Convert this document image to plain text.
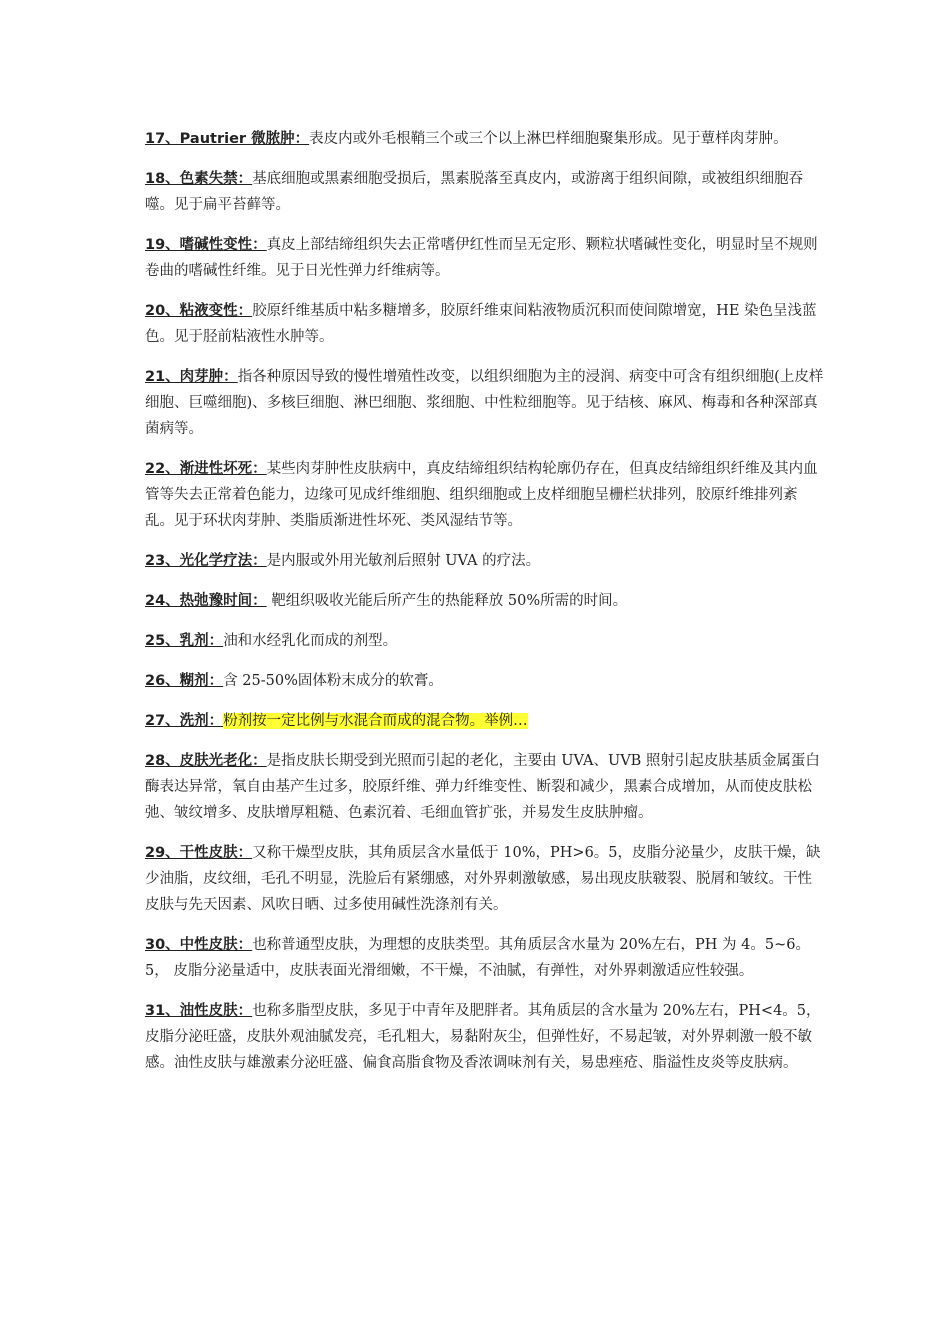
17、Pautrier 微脓肿：表皮内或外毛根鞘三个或三个以上淋巴样细胞聚集形成。见于蕈样肉芽肿。

18、色素失禁：基底细胞或黑素细胞受损后，黑素脱落至真皮内，或游离于组织间隙，或被组织细胞吞噬。见于扁平苔藓等。

19、嗜碱性变性：真皮上部结缔组织失去正常嗜伊红性而呈无定形、颗粒状嗜碱性变化，明显时呈不规则卷曲的嗜碱性纤维。见于日光性弹力纤维病等。

20、粘液变性：胶原纤维基质中粘多糖增多，胶原纤维束间粘液物质沉积而使间隙增宽，HE 染色呈浅蓝色。见于胫前粘液性水肿等。

21、肉芽肿：指各种原因导致的慢性增殖性改变，以组织细胞为主的浸润、病变中可含有组织细胞(上皮样细胞、巨噬细胞)、多核巨细胞、淋巴细胞、浆细胞、中性粒细胞等。见于结核、麻风、梅毒和各种深部真菌病等。

22、渐进性坏死：某些肉芽肿性皮肤病中，真皮结缔组织结构轮廓仍存在，但真皮结缔组织纤维及其内血管等失去正常着色能力，边缘可见成纤维细胞、组织细胞或上皮样细胞呈栅栏状排列，胶原纤维排列紊乱。见于环状肉芽肿、类脂质渐进性坏死、类风湿结节等。

23、光化学疗法：是内服或外用光敏剂后照射 UVA 的疗法。

24、热弛豫时间： 靶组织吸收光能后所产生的热能释放 50%所需的时间。

25、乳剂：油和水经乳化而成的剂型。

26、糊剂：含 25-50%固体粉末成分的软膏。

27、洗剂：粉剂按一定比例与水混合而成的混合物。举例…

28、皮肤光老化：是指皮肤长期受到光照而引起的老化，主要由 UVA、UVB 照射引起皮肤基质金属蛋白酶表达异常，氧自由基产生过多，胶原纤维、弹力纤维变性、断裂和减少，黑素合成增加，从而使皮肤松弛、皱纹增多、皮肤增厚粗糙、色素沉着、毛细血管扩张，并易发生皮肤肿瘤。

29、干性皮肤：又称干燥型皮肤，其角质层含水量低于 10%，PH>6。5，皮脂分泌量少，皮肤干燥，缺少油脂，皮纹细，毛孔不明显，洗脸后有紧绷感，对外界刺激敏感，易出现皮肤皲裂、脱屑和皱纹。干性皮肤与先天因素、风吹日晒、过多使用碱性洗涤剂有关。

30、中性皮肤：也称普通型皮肤，为理想的皮肤类型。其角质层含水量为 20%左右，PH 为 4。5~6。5， 皮脂分泌量适中，皮肤表面光滑细嫩，不干燥，不油腻，有弹性，对外界刺激适应性较强。

31、油性皮肤：也称多脂型皮肤，多见于中青年及肥胖者。其角质层的含水量为 20%左右，PH<4。5，皮脂分泌旺盛，皮肤外观油腻发亮，毛孔粗大，易黏附灰尘，但弹性好，不易起皱，对外界刺激一般不敏感。油性皮肤与雄激素分泌旺盛、偏食高脂食物及香浓调味剂有关，易患痤疮、脂溢性皮炎等皮肤病。
